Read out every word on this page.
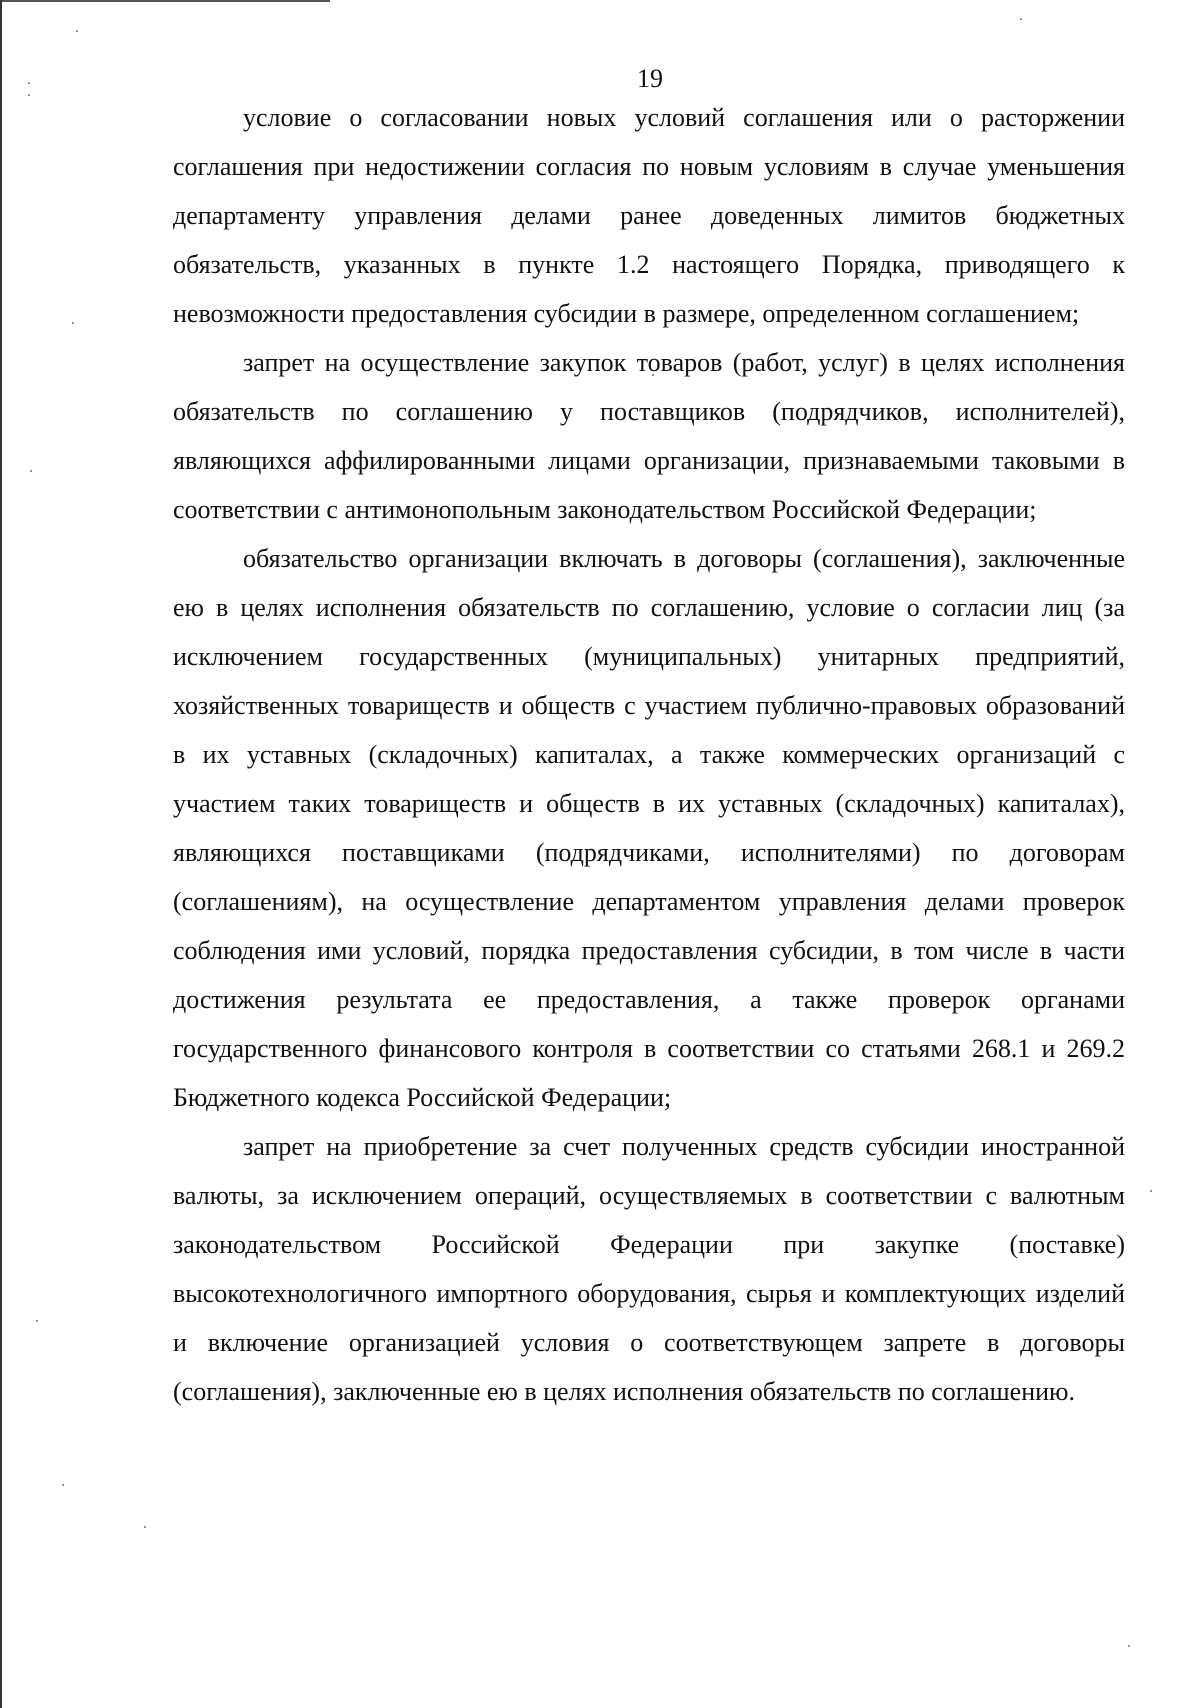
19

условие о согласовании новых условий соглашения или о расторжении соглашения при недостижении согласия по новым условиям в случае уменьшения департаменту управления делами ранее доведенных лимитов бюджетных обязательств, указанных в пункте 1.2 настоящего Порядка, приводящего к невозможности предоставления субсидии в размере, определенном соглашением;

запрет на осуществление закупок товаров (работ, услуг) в целях исполнения обязательств по соглашению у поставщиков (подрядчиков, исполнителей), являющихся аффилированными лицами организации, признаваемыми таковыми в соответствии с антимонопольным законодательством Российской Федерации;

обязательство организации включать в договоры (соглашения), заключенные ею в целях исполнения обязательств по соглашению, условие о согласии лиц (за исключением государственных (муниципальных) унитарных предприятий, хозяйственных товариществ и обществ с участием публично-правовых образований в их уставных (складочных) капиталах, а также коммерческих организаций с участием таких товариществ и обществ в их уставных (складочных) капиталах), являющихся поставщиками (подрядчиками, исполнителями) по договорам (соглашениям), на осуществление департаментом управления делами проверок соблюдения ими условий, порядка предоставления субсидии, в том числе в части достижения результата ее предоставления, а также проверок органами государственного финансового контроля в соответствии со статьями 268.1 и 269.2 Бюджетного кодекса Российской Федерации;

запрет на приобретение за счет полученных средств субсидии иностранной валюты, за исключением операций, осуществляемых в соответствии с валютным законодательством Российской Федерации при закупке (поставке) высокотехнологичного импортного оборудования, сырья и комплектующих изделий и включение организацией условия о соответствующем запрете в договоры (соглашения), заключенные ею в целях исполнения обязательств по соглашению.
